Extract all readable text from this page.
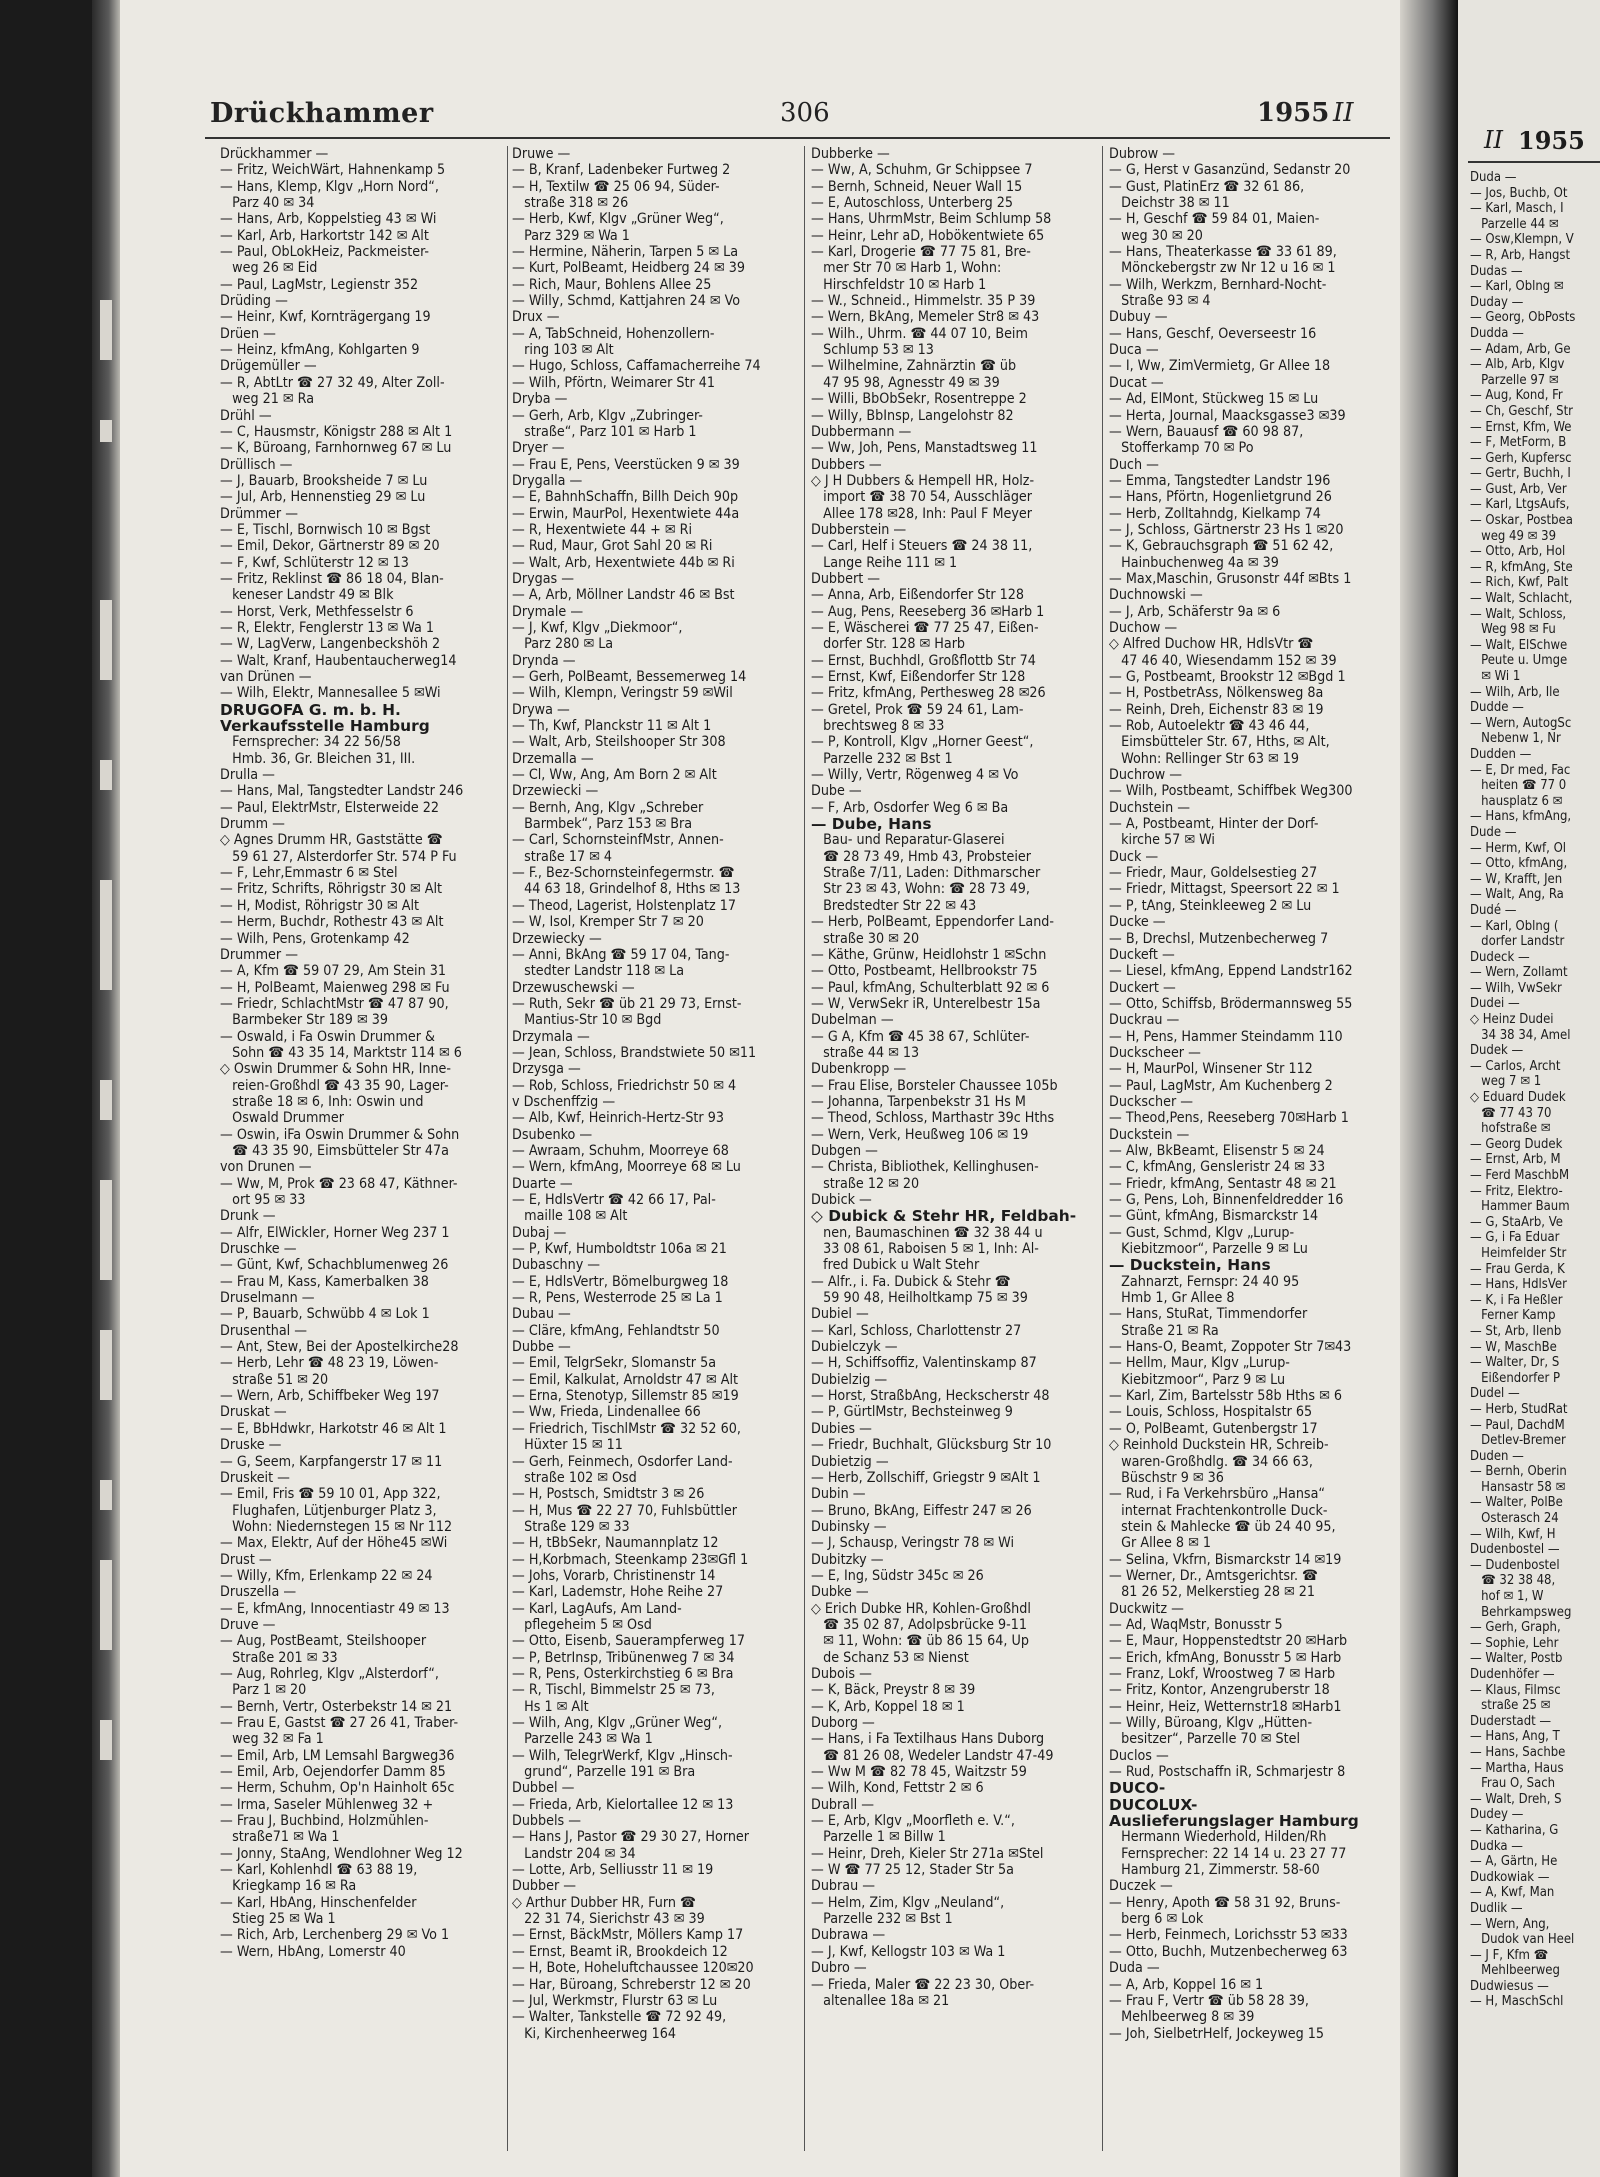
Drückhammer	306	1955 II
Drückhammer —
— Fritz, WeichWärt, Hahnenkamp 5
— Hans, Klemp, Klgv „Horn Nord“,
Parz 40 ✉ 34
— Hans, Arb, Koppelstieg 43 ✉ Wi
— Karl, Arb, Harkortstr 142 ✉ Alt
— Paul, ObLokHeiz, Packmeister-
weg 26 ✉ Eid
— Paul, LagMstr, Legienstr 352
Drüding —
— Heinr, Kwf, Kornträgergang 19
Drüen —
— Heinz, kfmAng, Kohlgarten 9
Drügemüller —
— R, AbtLtr ☎ 27 32 49, Alter Zoll-
weg 21 ✉ Ra
Drühl —
— C, Hausmstr, Königstr 288 ✉ Alt 1
— K, Büroang, Farnhornweg 67 ✉ Lu
Drüllisch —
— J, Bauarb, Brooksheide 7 ✉ Lu
— Jul, Arb, Hennenstieg 29 ✉ Lu
Drümmer —
— E, Tischl, Bornwisch 10 ✉ Bgst
— Emil, Dekor, Gärtnerstr 89 ✉ 20
— F, Kwf, Schlüterstr 12 ✉ 13
— Fritz, Reklinst ☎ 86 18 04, Blan-
keneser Landstr 49 ✉ Blk
— Horst, Verk, Methfesselstr 6
— R, Elektr, Fenglerstr 13 ✉ Wa 1
— W, LagVerw, Langenbeckshöh 2
— Walt, Kranf, Haubentaucherweg14
van Drünen —
— Wilh, Elektr, Mannesallee 5 ✉Wi
DRUGOFA G. m. b. H.
Verkaufsstelle Hamburg
Fernsprecher: 34 22 56/58
Hmb. 36, Gr. Bleichen 31, III.
Drulla —
— Hans, Mal, Tangstedter Landstr 246
— Paul, ElektrMstr, Elsterweide 22
Drumm —
◇ Agnes Drumm HR, Gaststätte ☎
59 61 27, Alsterdorfer Str. 574 P Fu
— F, Lehr,Emmastr 6 ✉ Stel
— Fritz, Schrifts, Röhrigstr 30 ✉ Alt
— H, Modist, Röhrigstr 30 ✉ Alt
— Herm, Buchdr, Rothestr 43 ✉ Alt
— Wilh, Pens, Grotenkamp 42
Drummer —
— A, Kfm ☎ 59 07 29, Am Stein 31
— H, PolBeamt, Maienweg 298 ✉ Fu
— Friedr, SchlachtMstr ☎ 47 87 90,
Barmbeker Str 189 ✉ 39
— Oswald, i Fa Oswin Drummer &
Sohn ☎ 43 35 14, Marktstr 114 ✉ 6
◇ Oswin Drummer & Sohn HR, Inne-
reien-Großhdl ☎ 43 35 90, Lager-
straße 18 ✉ 6, Inh: Oswin und
Oswald Drummer
— Oswin, iFa Oswin Drummer & Sohn
☎ 43 35 90, Eimsbütteler Str 47a
von Drunen —
— Ww, M, Prok ☎ 23 68 47, Käthner-
ort 95 ✉ 33
Drunk —
— Alfr, ElWickler, Horner Weg 237 1
Druschke —
— Günt, Kwf, Schachblumenweg 26
— Frau M, Kass, Kamerbalken 38
Druselmann —
— P, Bauarb, Schwübb 4 ✉ Lok 1
Drusenthal —
— Ant, Stew, Bei der Apostelkirche28
— Herb, Lehr ☎ 48 23 19, Löwen-
straße 51 ✉ 20
— Wern, Arb, Schiffbeker Weg 197
Druskat —
— E, BbHdwkr, Harkotstr 46 ✉ Alt 1
Druske —
— G, Seem, Karpfangerstr 17 ✉ 11
Druskeit —
— Emil, Fris ☎ 59 10 01, App 322,
Flughafen, Lütjenburger Platz 3,
Wohn: Niedernstegen 15 ✉ Nr 112
— Max, Elektr, Auf der Höhe45 ✉Wi
Drust —
— Willy, Kfm, Erlenkamp 22 ✉ 24
Druszella —
— E, kfmAng, Innocentiastr 49 ✉ 13
Druve —
— Aug, PostBeamt, Steilshooper
Straße 201 ✉ 33
— Aug, Rohrleg, Klgv „Alsterdorf“,
Parz 1 ✉ 20
— Bernh, Vertr, Osterbekstr 14 ✉ 21
— Frau E, Gastst ☎ 27 26 41, Traber-
weg 32 ✉ Fa 1
— Emil, Arb, LM Lemsahl Bargweg36
— Emil, Arb, Oejendorfer Damm 85
— Herm, Schuhm, Op'n Hainholt 65c
— Irma, Saseler Mühlenweg 32 +
— Frau J, Buchbind, Holzmühlen-
straße71 ✉ Wa 1
— Jonny, StaAng, Wendlohner Weg 12
— Karl, Kohlenhdl ☎ 63 88 19,
Kriegkamp 16 ✉ Ra
— Karl, HbAng, Hinschenfelder
Stieg 25 ✉ Wa 1
— Rich, Arb, Lerchenberg 29 ✉ Vo 1
— Wern, HbAng, Lomerstr 40
Druwe —
— B, Kranf, Ladenbeker Furtweg 2
— H, Textilw ☎ 25 06 94, Süder-
straße 318 ✉ 26
— Herb, Kwf, Klgv „Grüner Weg“,
Parz 329 ✉ Wa 1
— Hermine, Näherin, Tarpen 5 ✉ La
— Kurt, PolBeamt, Heidberg 24 ✉ 39
— Rich, Maur, Bohlens Allee 25
— Willy, Schmd, Kattjahren 24 ✉ Vo
Drux —
— A, TabSchneid, Hohenzollern-
ring 103 ✉ Alt
— Hugo, Schloss, Caffamacherreihe 74
— Wilh, Pförtn, Weimarer Str 41
Dryba —
— Gerh, Arb, Klgv „Zubringer-
straße“, Parz 101 ✉ Harb 1
Dryer —
— Frau E, Pens, Veerstücken 9 ✉ 39
Drygalla —
— E, BahnhSchaffn, Billh Deich 90p
— Erwin, MaurPol, Hexentwiete 44a
— R, Hexentwiete 44 + ✉ Ri
— Rud, Maur, Grot Sahl 20 ✉ Ri
— Walt, Arb, Hexentwiete 44b ✉ Ri
Drygas —
— A, Arb, Möllner Landstr 46 ✉ Bst
Drymale —
— J, Kwf, Klgv „Diekmoor“,
Parz 280 ✉ La
Drynda —
— Gerh, PolBeamt, Bessemerweg 14
— Wilh, Klempn, Veringstr 59 ✉Wil
Drywa —
— Th, Kwf, Planckstr 11 ✉ Alt 1
— Walt, Arb, Steilshooper Str 308
Drzemalla —
— Cl, Ww, Ang, Am Born 2 ✉ Alt
Drzewiecki —
— Bernh, Ang, Klgv „Schreber
Barmbek“, Parz 153 ✉ Bra
— Carl, SchornsteinfMstr, Annen-
straße 17 ✉ 4
— F., Bez-Schornsteinfegermstr. ☎
44 63 18, Grindelhof 8, Hths ✉ 13
— Theod, Lagerist, Holstenplatz 17
— W, Isol, Kremper Str 7 ✉ 20
Drzewiecky —
— Anni, BkAng ☎ 59 17 04, Tang-
stedter Landstr 118 ✉ La
Drzewuschewski —
— Ruth, Sekr ☎ üb 21 29 73, Ernst-
Mantius-Str 10 ✉ Bgd
Drzymala —
— Jean, Schloss, Brandstwiete 50 ✉11
Drzysga —
— Rob, Schloss, Friedrichstr 50 ✉ 4
v Dschenffzig —
— Alb, Kwf, Heinrich-Hertz-Str 93
Dsubenko —
— Awraam, Schuhm, Moorreye 68
— Wern, kfmAng, Moorreye 68 ✉ Lu
Duarte —
— E, HdlsVertr ☎ 42 66 17, Pal-
maille 108 ✉ Alt
Dubaj —
— P, Kwf, Humboldtstr 106a ✉ 21
Dubaschny —
— E, HdlsVertr, Bömelburgweg 18
— R, Pens, Westerrode 25 ✉ La 1
Dubau —
— Cläre, kfmAng, Fehlandtstr 50
Dubbe —
— Emil, TelgrSekr, Slomanstr 5a
— Emil, Kalkulat, Arnoldstr 47 ✉ Alt
— Erna, Stenotyp, Sillemstr 85 ✉19
— Ww, Frieda, Lindenallee 66
— Friedrich, TischlMstr ☎ 32 52 60,
Hüxter 15 ✉ 11
— Gerh, Feinmech, Osdorfer Land-
straße 102 ✉ Osd
— H, Postsch, Smidtstr 3 ✉ 26
— H, Mus ☎ 22 27 70, Fuhlsbüttler
Straße 129 ✉ 33
— H, tBbSekr, Naumannplatz 12
— H,Korbmach, Steenkamp 23✉Gfl 1
— Johs, Vorarb, Christinenstr 14
— Karl, Lademstr, Hohe Reihe 27
— Karl, LagAufs, Am Land-
pflegeheim 5 ✉ Osd
— Otto, Eisenb, Sauerampferweg 17
— P, BetrInsp, Tribünenweg 7 ✉ 34
— R, Pens, Osterkirchstieg 6 ✉ Bra
— R, Tischl, Bimmelstr 25 ✉ 73,
Hs 1 ✉ Alt
— Wilh, Ang, Klgv „Grüner Weg“,
Parzelle 243 ✉ Wa 1
— Wilh, TelegrWerkf, Klgv „Hinsch-
grund“, Parzelle 191 ✉ Bra
Dubbel —
— Frieda, Arb, Kielortallee 12 ✉ 13
Dubbels —
— Hans J, Pastor ☎ 29 30 27, Horner
Landstr 204 ✉ 34
— Lotte, Arb, Selliusstr 11 ✉ 19
Dubber —
◇ Arthur Dubber HR, Furn ☎
22 31 74, Sierichstr 43 ✉ 39
— Ernst, BäckMstr, Möllers Kamp 17
— Ernst, Beamt iR, Brookdeich 12
— H, Bote, Hoheluftchaussee 120✉20
— Har, Büroang, Schreberstr 12 ✉ 20
— Jul, Werkmstr, Flurstr 63 ✉ Lu
— Walter, Tankstelle ☎ 72 92 49,
Ki, Kirchenheerweg 164
Dubberke —
— Ww, A, Schuhm, Gr Schippsee 7
— Bernh, Schneid, Neuer Wall 15
— E, Autoschloss, Unterberg 25
— Hans, UhrmMstr, Beim Schlump 58
— Heinr, Lehr aD, Hobökentwiete 65
— Karl, Drogerie ☎ 77 75 81, Bre-
mer Str 70 ✉ Harb 1, Wohn:
Hirschfeldstr 10 ✉ Harb 1
— W., Schneid., Himmelstr. 35 P 39
— Wern, BkAng, Memeler Str8 ✉ 43
— Wilh., Uhrm. ☎ 44 07 10, Beim
Schlump 53 ✉ 13
— Wilhelmine, Zahnärztin ☎ üb
47 95 98, Agnesstr 49 ✉ 39
— Willi, BbObSekr, Rosentreppe 2
— Willy, BbInsp, Langelohstr 82
Dubbermann —
— Ww, Joh, Pens, Manstadtsweg 11
Dubbers —
◇ J H Dubbers & Hempell HR, Holz-
import ☎ 38 70 54, Ausschläger
Allee 178 ✉28, Inh: Paul F Meyer
Dubberstein —
— Carl, Helf i Steuers ☎ 24 38 11,
Lange Reihe 111 ✉ 1
Dubbert —
— Anna, Arb, Eißendorfer Str 128
— Aug, Pens, Reeseberg 36 ✉Harb 1
— E, Wäscherei ☎ 77 25 47, Eißen-
dorfer Str. 128 ✉ Harb
— Ernst, Buchhdl, Großflottb Str 74
— Ernst, Kwf, Eißendorfer Str 128
— Fritz, kfmAng, Perthesweg 28 ✉26
— Gretel, Prok ☎ 59 24 61, Lam-
brechtsweg 8 ✉ 33
— P, Kontroll, Klgv „Horner Geest“,
Parzelle 232 ✉ Bst 1
— Willy, Vertr, Rögenweg 4 ✉ Vo
Dube —
— F, Arb, Osdorfer Weg 6 ✉ Ba
— Dube, Hans
Bau- und Reparatur-Glaserei
☎ 28 73 49, Hmb 43, Probsteier
Straße 7/11, Laden: Dithmarscher
Str 23 ✉ 43, Wohn: ☎ 28 73 49,
Bredstedter Str 22 ✉ 43
— Herb, PolBeamt, Eppendorfer Land-
straße 30 ✉ 20
— Käthe, Grünw, Heidlohstr 1 ✉Schn
— Otto, Postbeamt, Hellbrookstr 75
— Paul, kfmAng, Schulterblatt 92 ✉ 6
— W, VerwSekr iR, Unterelbestr 15a
Dubelman —
— G A, Kfm ☎ 45 38 67, Schlüter-
straße 44 ✉ 13
Dubenkropp —
— Frau Elise, Borsteler Chaussee 105b
— Johanna, Tarpenbekstr 31 Hs M
— Theod, Schloss, Marthastr 39c Hths
— Wern, Verk, Heußweg 106 ✉ 19
Dubgen —
— Christa, Bibliothek, Kellinghusen-
straße 12 ✉ 20
Dubick —
◇ Dubick & Stehr HR, Feldbah-
nen, Baumaschinen ☎ 32 38 44 u
33 08 61, Raboisen 5 ✉ 1, Inh: Al-
fred Dubick u Walt Stehr
— Alfr., i. Fa. Dubick & Stehr ☎
59 90 48, Heilholtkamp 75 ✉ 39
Dubiel —
— Karl, Schloss, Charlottenstr 27
Dubielczyk —
— H, Schiffsoffiz, Valentinskamp 87
Dubielzig —
— Horst, StraßbAng, Heckscherstr 48
— P, GürtlMstr, Bechsteinweg 9
Dubies —
— Friedr, Buchhalt, Glücksburg Str 10
Dubietzig —
— Herb, Zollschiff, Griegstr 9 ✉Alt 1
Dubin —
— Bruno, BkAng, Eiffestr 247 ✉ 26
Dubinsky —
— J, Schausp, Veringstr 78 ✉ Wi
Dubitzky —
— E, Ing, Südstr 345c ✉ 26
Dubke —
◇ Erich Dubke HR, Kohlen-Großhdl
☎ 35 02 87, Adolpsbrücke 9-11
✉ 11, Wohn: ☎ üb 86 15 64, Up
de Schanz 53 ✉ Nienst
Dubois —
— K, Bäck, Preystr 8 ✉ 39
— K, Arb, Koppel 18 ✉ 1
Duborg —
— Hans, i Fa Textilhaus Hans Duborg
☎ 81 26 08, Wedeler Landstr 47-49
— Ww M ☎ 82 78 45, Waitzstr 59
— Wilh, Kond, Fettstr 2 ✉ 6
Dubrall —
— E, Arb, Klgv „Moorfleth e. V.“,
Parzelle 1 ✉ Billw 1
— Heinr, Dreh, Kieler Str 271a ✉Stel
— W ☎ 77 25 12, Stader Str 5a
Dubrau —
— Helm, Zim, Klgv „Neuland“,
Parzelle 232 ✉ Bst 1
Dubrawa —
— J, Kwf, Kellogstr 103 ✉ Wa 1
Dubro —
— Frieda, Maler ☎ 22 23 30, Ober-
altenallee 18a ✉ 21
Dubrow —
— G, Herst v Gasanzünd, Sedanstr 20
— Gust, PlatinErz ☎ 32 61 86,
Deichstr 38 ✉ 11
— H, Geschf ☎ 59 84 01, Maien-
weg 30 ✉ 20
— Hans, Theaterkasse ☎ 33 61 89,
Mönckebergstr zw Nr 12 u 16 ✉ 1
— Wilh, Werkzm, Bernhard-Nocht-
Straße 93 ✉ 4
Dubuy —
— Hans, Geschf, Oeverseestr 16
Duca —
— I, Ww, ZimVermietg, Gr Allee 18
Ducat —
— Ad, ElMont, Stückweg 15 ✉ Lu
— Herta, Journal, Maacksgasse3 ✉39
— Wern, Bauausf ☎ 60 98 87,
Stofferkamp 70 ✉ Po
Duch —
— Emma, Tangstedter Landstr 196
— Hans, Pförtn, Hogenlietgrund 26
— Herb, Zolltahndg, Kielkamp 74
— J, Schloss, Gärtnerstr 23 Hs 1 ✉20
— K, Gebrauchsgraph ☎ 51 62 42,
Hainbuchenweg 4a ✉ 39
— Max,Maschin, Grusonstr 44f ✉Bts 1
Duchnowski —
— J, Arb, Schäferstr 9a ✉ 6
Duchow —
◇ Alfred Duchow HR, HdlsVtr ☎
47 46 40, Wiesendamm 152 ✉ 39
— G, Postbeamt, Brookstr 12 ✉Bgd 1
— H, PostbetrAss, Nölkensweg 8a
— Reinh, Dreh, Eichenstr 83 ✉ 19
— Rob, Autoelektr ☎ 43 46 44,
Eimsbütteler Str. 67, Hths, ✉ Alt,
Wohn: Rellinger Str 63 ✉ 19
Duchrow —
— Wilh, Postbeamt, Schiffbek Weg300
Duchstein —
— A, Postbeamt, Hinter der Dorf-
kirche 57 ✉ Wi
Duck —
— Friedr, Maur, Goldelsestieg 27
— Friedr, Mittagst, Speersort 22 ✉ 1
— P, tAng, Steinkleeweg 2 ✉ Lu
Ducke —
— B, Drechsl, Mutzenbecherweg 7
Duckeft —
— Liesel, kfmAng, Eppend Landstr162
Duckert —
— Otto, Schiffsb, Brödermannsweg 55
Duckrau —
— H, Pens, Hammer Steindamm 110
Duckscheer —
— H, MaurPol, Winsener Str 112
— Paul, LagMstr, Am Kuchenberg 2
Duckscher —
— Theod,Pens, Reeseberg 70✉Harb 1
Duckstein —
— Alw, BkBeamt, Elisenstr 5 ✉ 24
— C, kfmAng, Gensleristr 24 ✉ 33
— Friedr, kfmAng, Sentastr 48 ✉ 21
— G, Pens, Loh, Binnenfeldredder 16
— Günt, kfmAng, Bismarckstr 14
— Gust, Schmd, Klgv „Lurup-
Kiebitzmoor“, Parzelle 9 ✉ Lu
— Duckstein, Hans
Zahnarzt, Fernspr: 24 40 95
Hmb 1, Gr Allee 8
— Hans, StuRat, Timmendorfer
Straße 21 ✉ Ra
— Hans-O, Beamt, Zoppoter Str 7✉43
— Hellm, Maur, Klgv „Lurup-
Kiebitzmoor“, Parz 9 ✉ Lu
— Karl, Zim, Bartelsstr 58b Hths ✉ 6
— Louis, Schloss, Hospitalstr 65
— O, PolBeamt, Gutenbergstr 17
◇ Reinhold Duckstein HR, Schreib-
waren-Großhdlg. ☎ 34 66 63,
Büschstr 9 ✉ 36
— Rud, i Fa Verkehrsbüro „Hansa“
internat Frachtenkontrolle Duck-
stein & Mahlecke ☎ üb 24 40 95,
Gr Allee 8 ✉ 1
— Selina, Vkfrn, Bismarckstr 14 ✉19
— Werner, Dr., Amtsgerichtsr. ☎
81 26 52, Melkerstieg 28 ✉ 21
Duckwitz —
— Ad, WaqMstr, Bonusstr 5
— E, Maur, Hoppenstedtstr 20 ✉Harb
— Erich, kfmAng, Bonusstr 5 ✉ Harb
— Franz, Lokf, Wroostweg 7 ✉ Harb
— Fritz, Kontor, Anzengruberstr 18
— Heinr, Heiz, Wetternstr18 ✉Harb1
— Willy, Büroang, Klgv „Hütten-
besitzer“, Parzelle 70 ✉ Stel
Duclos —
— Rud, Postschaffn iR, Schmarjestr 8
DUCO-
DUCOLUX-
Auslieferungslager Hamburg
Hermann Wiederhold, Hilden/Rh
Fernsprecher: 22 14 14 u. 23 27 77
Hamburg 21, Zimmerstr. 58-60
Duczek —
— Henry, Apoth ☎ 58 31 92, Bruns-
berg 6 ✉ Lok
— Herb, Feinmech, Lorichsstr 53 ✉33
— Otto, Buchh, Mutzenbecherweg 63
Duda —
— A, Arb, Koppel 16 ✉ 1
— Frau F, Vertr ☎ üb 58 28 39,
Mehlbeerweg 8 ✉ 39
— Joh, SielbetrHelf, Jockeyweg 15
II 1955
Duda —
— Jos, Buchb, Ot
— Karl, Masch, I
Parzelle 44 ✉
— Osw,Klempn, V
— R, Arb, Hangst
Dudas —
— Karl, Oblng ✉
Duday —
— Georg, ObPosts
Dudda —
— Adam, Arb, Ge
— Alb, Arb, Klgv
Parzelle 97 ✉
— Aug, Kond, Fr
— Ch, Geschf, Str
— Ernst, Kfm, We
— F, MetForm, B
— Gerh, Kupfersc
— Gertr, Buchh, I
— Gust, Arb, Ver
— Karl, LtgsAufs,
— Oskar, Postbea
weg 49 ✉ 39
— Otto, Arb, Hol
— R, kfmAng, Ste
— Rich, Kwf, Palt
— Walt, Schlacht,
— Walt, Schloss,
Weg 98 ✉ Fu
— Walt, ElSchwe
Peute u. Umge
✉ Wi 1
— Wilh, Arb, Ile
Dudde —
— Wern, AutogSc
Nebenw 1, Nr
Dudden —
— E, Dr med, Fac
heiten ☎ 77 0
hausplatz 6 ✉
— Hans, kfmAng,
Dude —
— Herm, Kwf, Ol
— Otto, kfmAng,
— W, Krafft, Jen
— Walt, Ang, Ra
Dudé —
— Karl, Oblng (
dorfer Landstr
Dudeck —
— Wern, Zollamt
— Wilh, VwSekr
Dudei —
◇ Heinz Dudei
34 38 34, Amel
Dudek —
— Carlos, Archt
weg 7 ✉ 1
◇ Eduard Dudek
☎ 77 43 70
hofstraße ✉
— Georg Dudek
— Ernst, Arb, M
— Ferd MaschbM
— Fritz, Elektro-
Hammer Baum
— G, StaArb, Ve
— G, i Fa Eduar
Heimfelder Str
— Frau Gerda, K
— Hans, HdlsVer
— K, i Fa Heßler
Ferner Kamp
— St, Arb, Ilenb
— W, MaschBe
— Walter, Dr, S
Eißendorfer P
Dudel —
— Herb, StudRat
— Paul, DachdM
Detlev-Bremer
Duden —
— Bernh, Oberin
Hansastr 58 ✉
— Walter, PolBe
Osterasch 24
— Wilh, Kwf, H
Dudenbostel —
— Dudenbostel
☎ 32 38 48,
hof ✉ 1, W
Behrkampsweg
— Gerh, Graph,
— Sophie, Lehr
— Walter, Postb
Dudenhöfer —
— Klaus, Filmsc
straße 25 ✉
Duderstadt —
— Hans, Ang, T
— Hans, Sachbe
— Martha, Haus
Frau O, Sach
— Walt, Dreh, S
Dudey —
— Katharina, G
Dudka —
— A, Gärtn, He
Dudkowiak —
— A, Kwf, Man
Dudlik —
— Wern, Ang,
Dudok van Heel
— J F, Kfm ☎
Mehlbeerweg
Dudwiesus —
— H, MaschSchl
